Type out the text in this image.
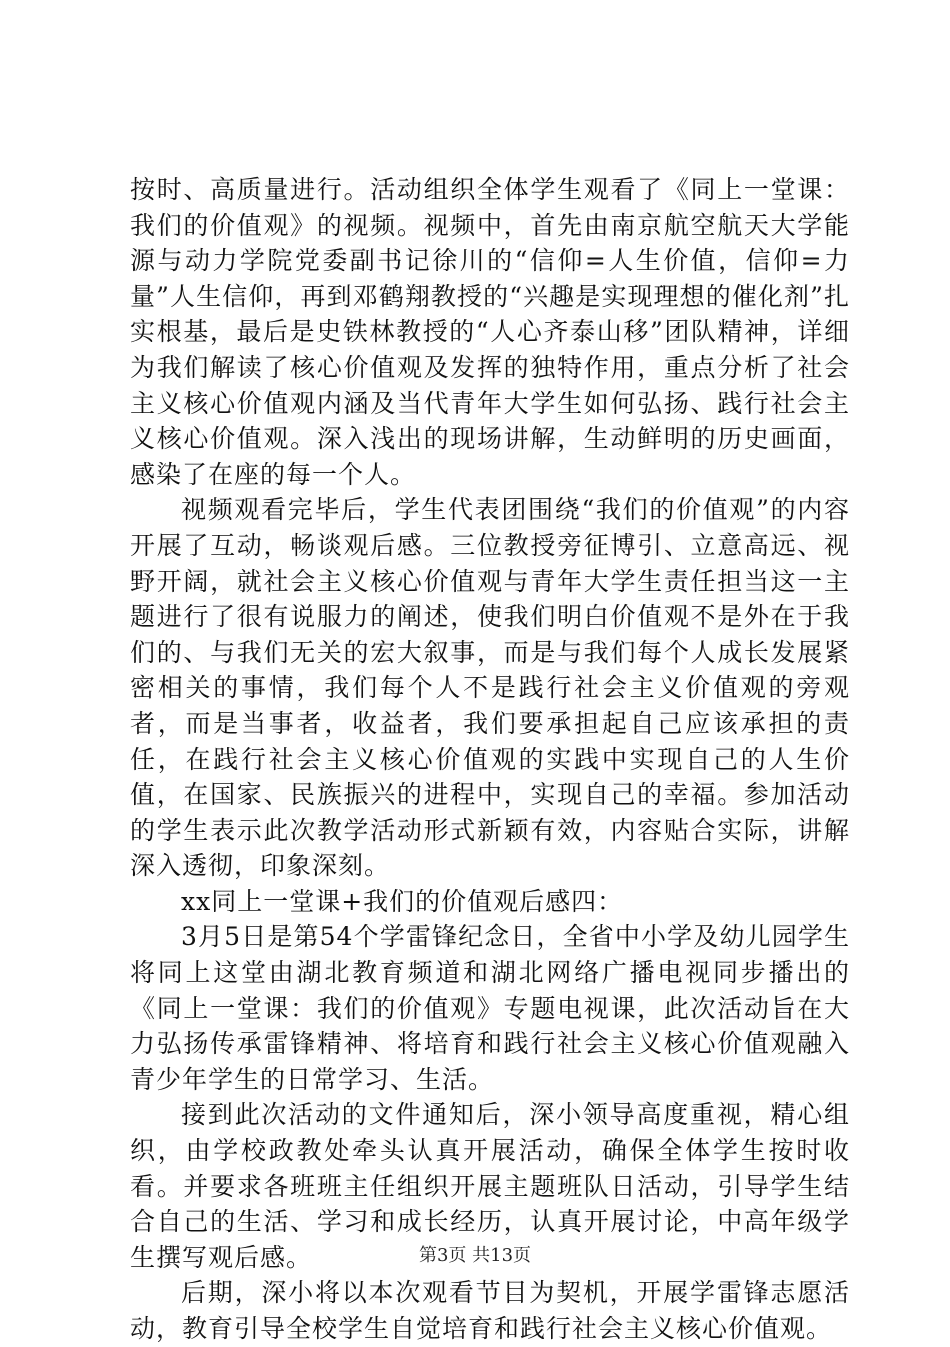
按时、高质量进行。活动组织全体学生观看了《同上一堂课：我们的价值观》的视频。视频中，首先由南京航空航天大学能源与动力学院党委副书记徐川的“信仰=人生价值，信仰=力量”人生信仰，再到邓鹤翔教授的“兴趣是实现理想的催化剂”扎实根基，最后是史铁林教授的“人心齐泰山移”团队精神，详细为我们解读了核心价值观及发挥的独特作用，重点分析了社会主义核心价值观内涵及当代青年大学生如何弘扬、践行社会主义核心价值观。深入浅出的现场讲解，生动鲜明的历史画面，感染了在座的每一个人。

视频观看完毕后，学生代表团围绕“我们的价值观”的内容开展了互动，畅谈观后感。三位教授旁征博引、立意高远、视野开阔，就社会主义核心价值观与青年大学生责任担当这一主题进行了很有说服力的阐述，使我们明白价值观不是外在于我们的、与我们无关的宏大叙事，而是与我们每个人成长发展紧密相关的事情，我们每个人不是践行社会主义价值观的旁观者，而是当事者，收益者，我们要承担起自己应该承担的责任，在践行社会主义核心价值观的实践中实现自己的人生价值，在国家、民族振兴的进程中，实现自己的幸福。参加活动的学生表示此次教学活动形式新颖有效，内容贴合实际，讲解深入透彻，印象深刻。

xx同上一堂课+我们的价值观后感四：

3月5日是第54个学雷锋纪念日，全省中小学及幼儿园学生将同上这堂由湖北教育频道和湖北网络广播电视同步播出的《同上一堂课：我们的价值观》专题电视课，此次活动旨在大力弘扬传承雷锋精神、将培育和践行社会主义核心价值观融入青少年学生的日常学习、生活。

接到此次活动的文件通知后，深小领导高度重视，精心组织，由学校政教处牵头认真开展活动，确保全体学生按时收看。并要求各班班主任组织开展主题班队日活动，引导学生结合自己的生活、学习和成长经历，认真开展讨论，中高年级学生撰写观后感。

后期，深小将以本次观看节目为契机，开展学雷锋志愿活动，教育引导全校学生自觉培育和践行社会主义核心价值观。

第3页 共13页
